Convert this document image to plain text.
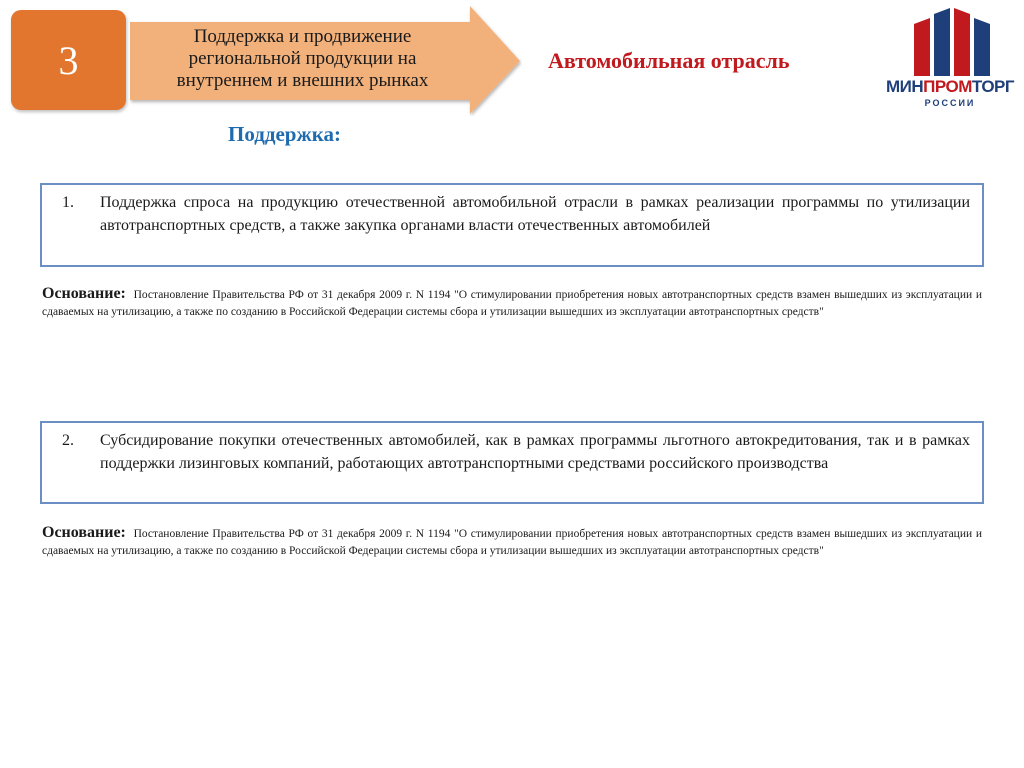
3
Поддержка и продвижение
региональной продукции на
внутреннем и внешних рынках
Автомобильная отрасль
МИНПРОМТОРГ
РОССИИ
Поддержка:
1. Поддержка спроса на продукцию отечественной автомобильной отрасли в рамках реализации программы по утилизации автотранспортных средств, а также закупка органами власти отечественных автомобилей
Основание: Постановление Правительства РФ от 31 декабря 2009 г. N 1194 "О стимулировании приобретения новых автотранспортных средств взамен вышедших из эксплуатации и сдаваемых на утилизацию, а также по созданию в Российской Федерации системы сбора и утилизации вышедших из эксплуатации автотранспортных средств"
2. Субсидирование покупки отечественных автомобилей, как в рамках программы льготного автокредитования, так и в рамках поддержки лизинговых компаний, работающих автотранспортными средствами российского производства
Основание: Постановление Правительства РФ от 31 декабря 2009 г. N 1194 "О стимулировании приобретения новых автотранспортных средств взамен вышедших из эксплуатации и сдаваемых на утилизацию, а также по созданию в Российской Федерации системы сбора и утилизации вышедших из эксплуатации автотранспортных средств"
